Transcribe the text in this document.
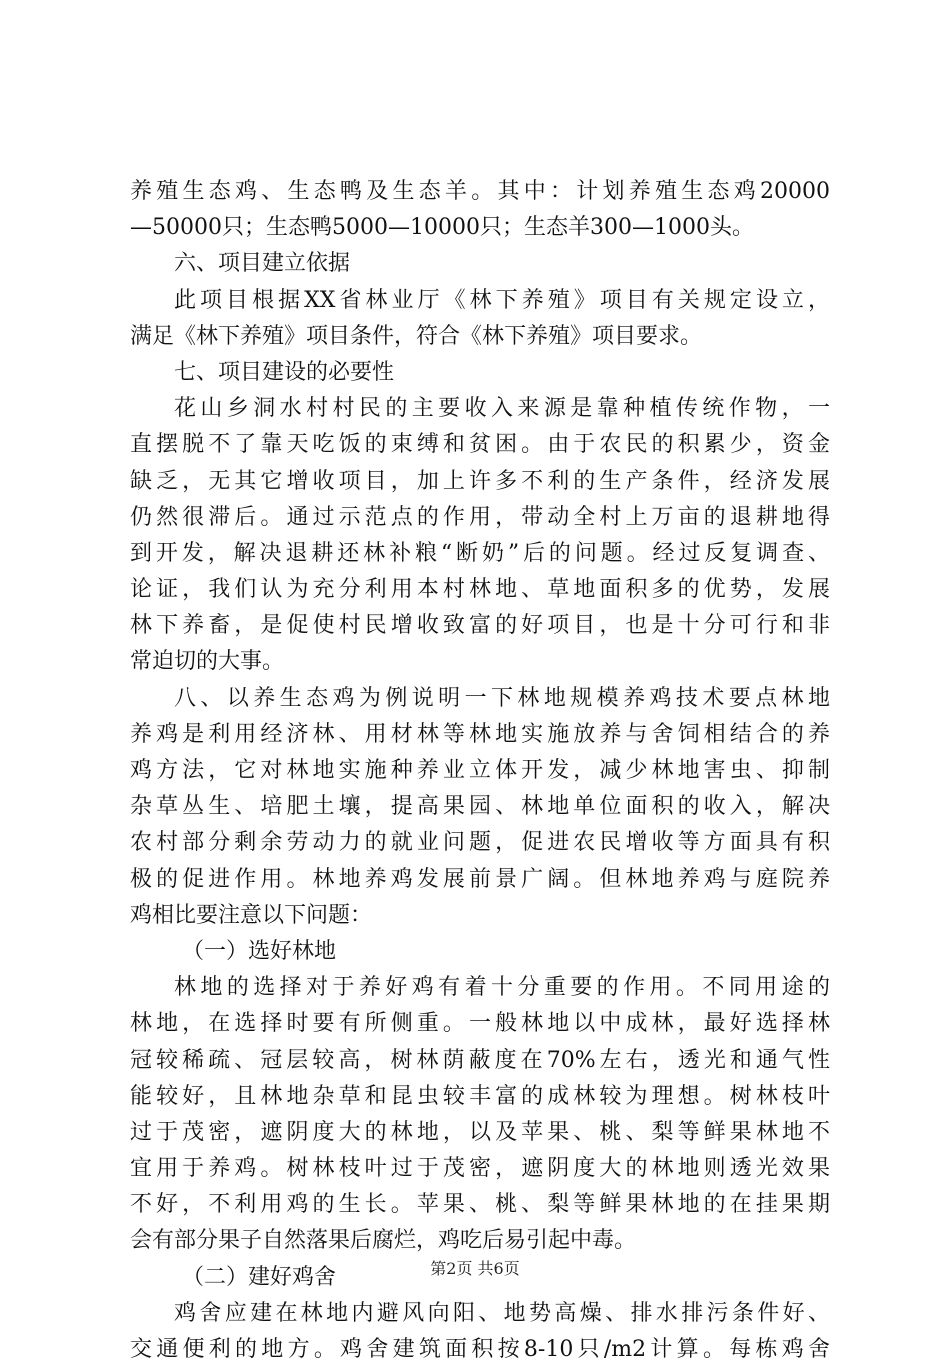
养殖生态鸡、生态鸭及生态羊。其中：计划养殖生态鸡20000
—50000只；生态鸭5000—10000只；生态羊300—1000头。
六、项目建立依据
此项目根据XX省林业厅《林下养殖》项目有关规定设立，
满足《林下养殖》项目条件，符合《林下养殖》项目要求。
七、项目建设的必要性
花山乡洞水村村民的主要收入来源是靠种植传统作物，一
直摆脱不了靠天吃饭的束缚和贫困。由于农民的积累少，资金
缺乏，无其它增收项目，加上许多不利的生产条件，经济发展
仍然很滞后。通过示范点的作用，带动全村上万亩的退耕地得
到开发，解决退耕还林补粮“断奶”后的问题。经过反复调查、
论证，我们认为充分利用本村林地、草地面积多的优势，发展
林下养畜，是促使村民增收致富的好项目，也是十分可行和非
常迫切的大事。
八、以养生态鸡为例说明一下林地规模养鸡技术要点林地
养鸡是利用经济林、用材林等林地实施放养与舍饲相结合的养
鸡方法，它对林地实施种养业立体开发，减少林地害虫、抑制
杂草丛生、培肥土壤，提高果园、林地单位面积的收入，解决
农村部分剩余劳动力的就业问题，促进农民增收等方面具有积
极的促进作用。林地养鸡发展前景广阔。但林地养鸡与庭院养
鸡相比要注意以下问题：
（一）选好林地
林地的选择对于养好鸡有着十分重要的作用。不同用途的
林地，在选择时要有所侧重。一般林地以中成林，最好选择林
冠较稀疏、冠层较高，树林荫蔽度在70%左右，透光和通气性
能较好，且林地杂草和昆虫较丰富的成林较为理想。树林枝叶
过于茂密，遮阴度大的林地，以及苹果、桃、梨等鲜果林地不
宜用于养鸡。树林枝叶过于茂密，遮阴度大的林地则透光效果
不好，不利用鸡的生长。苹果、桃、梨等鲜果林地的在挂果期
会有部分果子自然落果后腐烂，鸡吃后易引起中毒。
（二）建好鸡舍
鸡舍应建在林地内避风向阳、地势高燥、排水排污条件好、
交通便利的地方。鸡舍建筑面积按8-10只/m2计算。每栋鸡舍
第2页 共6页
